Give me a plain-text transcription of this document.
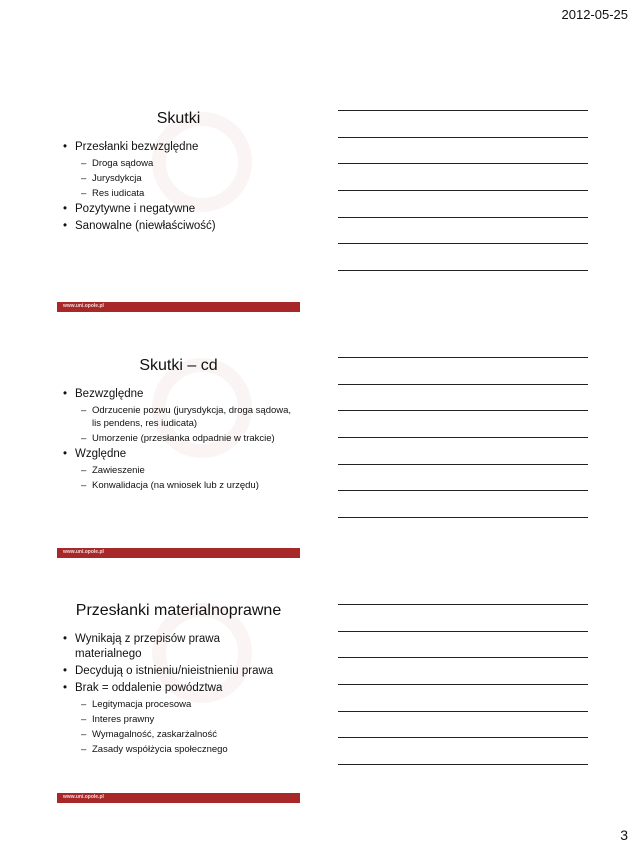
2012-05-25
Skutki
• Przesłanki bezwzględne
– Droga sądowa
– Jurysdykcja
– Res iudicata
• Pozytywne i negatywne
• Sanowalne (niewłaściwość)
www.uni.opole.pl
Skutki – cd
• Bezwzględne
– Odrzucenie pozwu (jurysdykcja, droga sądowa, lis pendens, res iudicata)
– Umorzenie (przesłanka odpadnie w trakcie)
• Względne
– Zawieszenie
– Konwalidacja (na wniosek lub z urzędu)
www.uni.opole.pl
Przesłanki materialnoprawne
• Wynikają z przepisów prawa materialnego
• Decydują o istnieniu/nieistnieniu prawa
• Brak = oddalenie powództwa
– Legitymacja procesowa
– Interes prawny
– Wymagalność, zaskarżalność
– Zasady współżycia społecznego
www.uni.opole.pl
3
